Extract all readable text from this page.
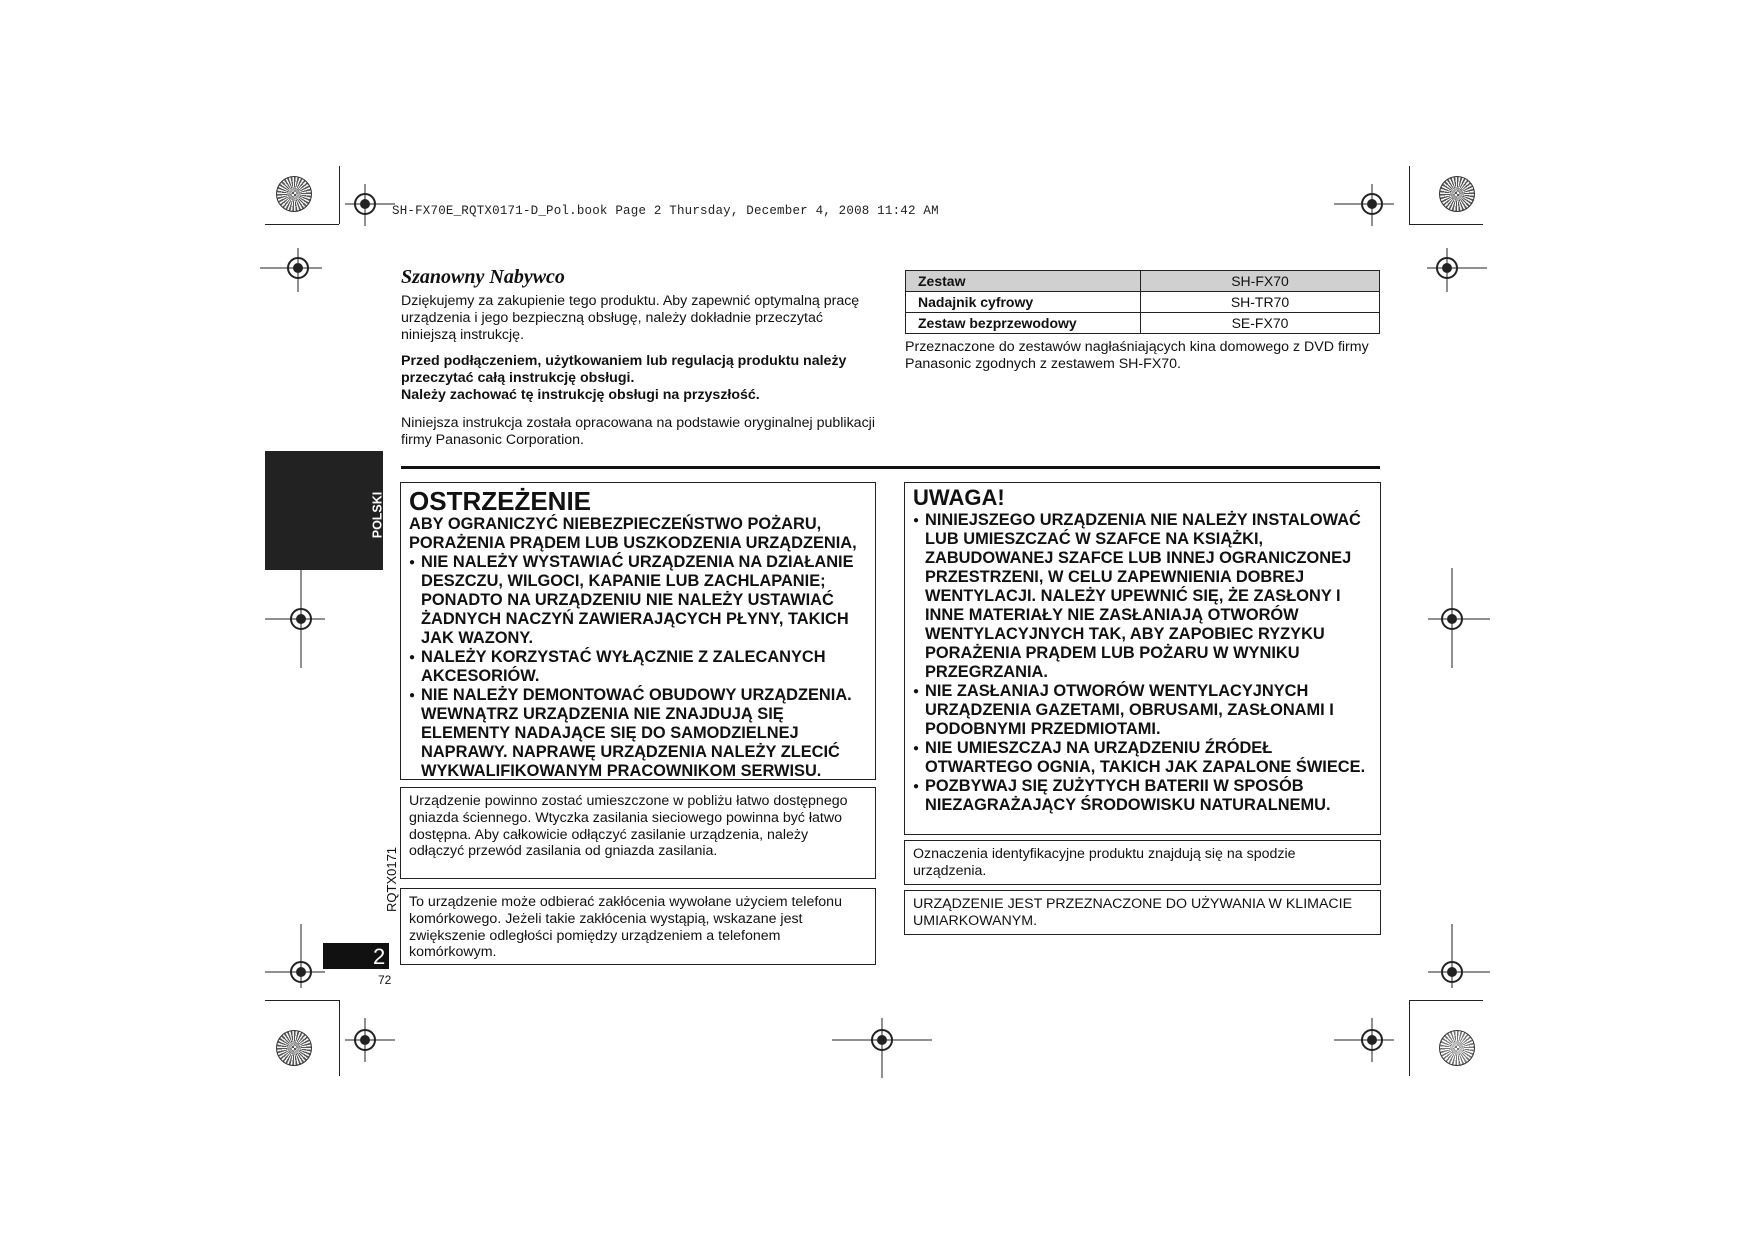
SH-FX70E_RQTX0171-D_Pol.book Page 2 Thursday, December 4, 2008 11:42 AM
Szanowny Nabywco
Dziękujemy za zakupienie tego produktu. Aby zapewnić optymalną pracę urządzenia i jego bezpieczną obsługę, należy dokładnie przeczytać niniejszą instrukcję.
Przed podłączeniem, użytkowaniem lub regulacją produktu należy przeczytać całą instrukcję obsługi.
Należy zachować tę instrukcję obsługi na przyszłość.
Niniejsza instrukcja została opracowana na podstawie oryginalnej publikacji firmy Panasonic Corporation.
Zestaw	SH-FX70
Nadajnik cyfrowy	SH-TR70
Zestaw bezprzewodowy	SE-FX70
Przeznaczone do zestawów nagłaśniających kina domowego z DVD firmy Panasonic zgodnych z zestawem SH-FX70.
POLSKI OSTRZEŻENIE
ABY OGRANICZYĆ NIEBEZPIECZEŃSTWO POŻARU, PORAŻENIA PRĄDEM LUB USZKODZENIA URZĄDZENIA,
● NIE NALEŻY WYSTAWIAĆ URZĄDZENIA NA DZIAŁANIE DESZCZU, WILGOCI, KAPANIE LUB ZACHLAPANIE; PONADTO NA URZĄDZENIU NIE NALEŻY USTAWIAĆ ŻADNYCH NACZYŃ ZAWIERAJĄCYCH PŁYNY, TAKICH JAK WAZONY.
● NALEŻY KORZYSTAĆ WYŁĄCZNIE Z ZALECANYCH AKCESORIÓW.
● NIE NALEŻY DEMONTOWAĆ OBUDOWY URZĄDZENIA. WEWNĄTRZ URZĄDZENIA NIE ZNAJDUJĄ SIĘ ELEMENTY NADAJĄCE SIĘ DO SAMODZIELNEJ NAPRAWY. NAPRAWĘ URZĄDZENIA NALEŻY ZLECIĆ WYKWALIFIKOWANYM PRACOWNIKOM SERWISU.
Urządzenie powinno zostać umieszczone w pobliżu łatwo dostępnego gniazda ściennego. Wtyczka zasilania sieciowego powinna być łatwo dostępna. Aby całkowicie odłączyć zasilanie urządzenia, należy odłączyć przewód zasilania od gniazda zasilania.
To urządzenie może odbierać zakłócenia wywołane użyciem telefonu komórkowego. Jeżeli takie zakłócenia wystąpią, wskazane jest zwiększenie odległości pomiędzy urządzeniem a telefonem komórkowym.
UWAGA!
● NINIEJSZEGO URZĄDZENIA NIE NALEŻY INSTALOWAĆ LUB UMIESZCZAĆ W SZAFCE NA KSIĄŻKI, ZABUDOWANEJ SZAFCE LUB INNEJ OGRANICZONEJ PRZESTRZENI, W CELU ZAPEWNIENIA DOBREJ WENTYLACJI. NALEŻY UPEWNIĆ SIĘ, ŻE ZASŁONY I INNE MATERIAŁY NIE ZASŁANIAJĄ OTWORÓW WENTYLACYJNYCH TAK, ABY ZAPOBIEC RYZYKU PORAŻENIA PRĄDEM LUB POŻARU W WYNIKU PRZEGRZANIA.
● NIE ZASŁANIAJ OTWORÓW WENTYLACYJNYCH URZĄDZENIA GAZETAMI, OBRUSAMI, ZASŁONAMI I PODOBNYMI PRZEDMIOTAMI.
● NIE UMIESZCZAJ NA URZĄDZENIU ŹRÓDEŁ OTWARTEGO OGNIA, TAKICH JAK ZAPALONE ŚWIECE.
● POZBYWAJ SIĘ ZUŻYTYCH BATERII W SPOSÓB NIEZAGRAŻAJĄCY ŚRODOWISKU NATURALNEMU.
Oznaczenia identyfikacyjne produktu znajdują się na spodzie urządzenia.
URZĄDZENIE JEST PRZEZNACZONE DO UŻYWANIA W KLIMACIE UMIARKOWANYM.
RQTX0171
2
72
